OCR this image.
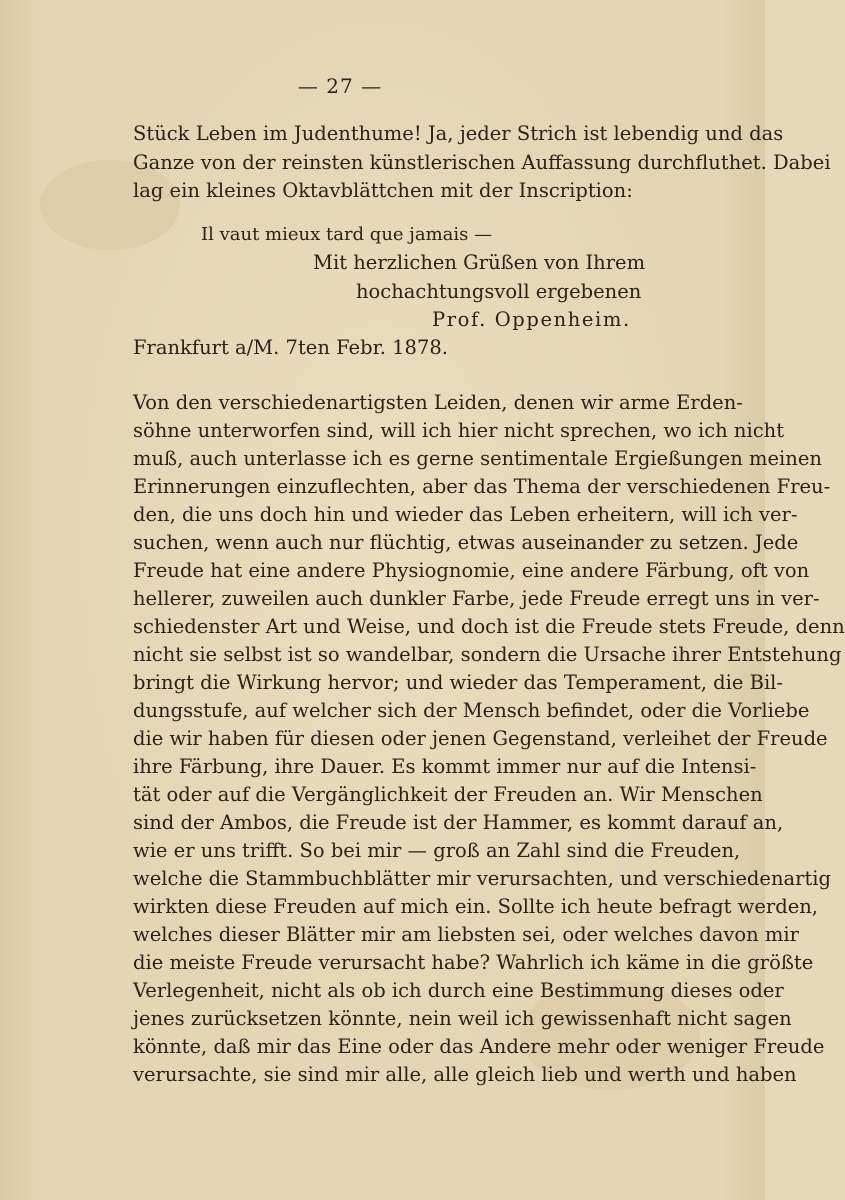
— 27 —
Stück Leben im Judenthume! Ja, jeder Strich ist lebendig und das
Ganze von der reinsten künstlerischen Auffassung durchfluthet. Dabei
lag ein kleines Oktavblättchen mit der Inscription:
Il vaut mieux tard que jamais —
Mit herzlichen Grüßen von Ihrem
hochachtungsvoll ergebenen
Prof. Oppenheim.
Frankfurt a/M. 7ten Febr. 1878.
Von den verschiedenartigsten Leiden, denen wir arme Erden-
söhne unterworfen sind, will ich hier nicht sprechen, wo ich nicht
muß, auch unterlasse ich es gerne sentimentale Ergießungen meinen
Erinnerungen einzuflechten, aber das Thema der verschiedenen Freu-
den, die uns doch hin und wieder das Leben erheitern, will ich ver-
suchen, wenn auch nur flüchtig, etwas auseinander zu setzen. Jede
Freude hat eine andere Physiognomie, eine andere Färbung, oft von
hellerer, zuweilen auch dunkler Farbe, jede Freude erregt uns in ver-
schiedenster Art und Weise, und doch ist die Freude stets Freude, denn
nicht sie selbst ist so wandelbar, sondern die Ursache ihrer Entstehung
bringt die Wirkung hervor; und wieder das Temperament, die Bil-
dungsstufe, auf welcher sich der Mensch befindet, oder die Vorliebe
die wir haben für diesen oder jenen Gegenstand, verleihet der Freude
ihre Färbung, ihre Dauer. Es kommt immer nur auf die Intensi-
tät oder auf die Vergänglichkeit der Freuden an. Wir Menschen
sind der Ambos, die Freude ist der Hammer, es kommt darauf an,
wie er uns trifft. So bei mir — groß an Zahl sind die Freuden,
welche die Stammbuchblätter mir verursachten, und verschiedenartig
wirkten diese Freuden auf mich ein. Sollte ich heute befragt werden,
welches dieser Blätter mir am liebsten sei, oder welches davon mir
die meiste Freude verursacht habe? Wahrlich ich käme in die größte
Verlegenheit, nicht als ob ich durch eine Bestimmung dieses oder
jenes zurücksetzen könnte, nein weil ich gewissenhaft nicht sagen
könnte, daß mir das Eine oder das Andere mehr oder weniger Freude
verursachte, sie sind mir alle, alle gleich lieb und werth und haben
